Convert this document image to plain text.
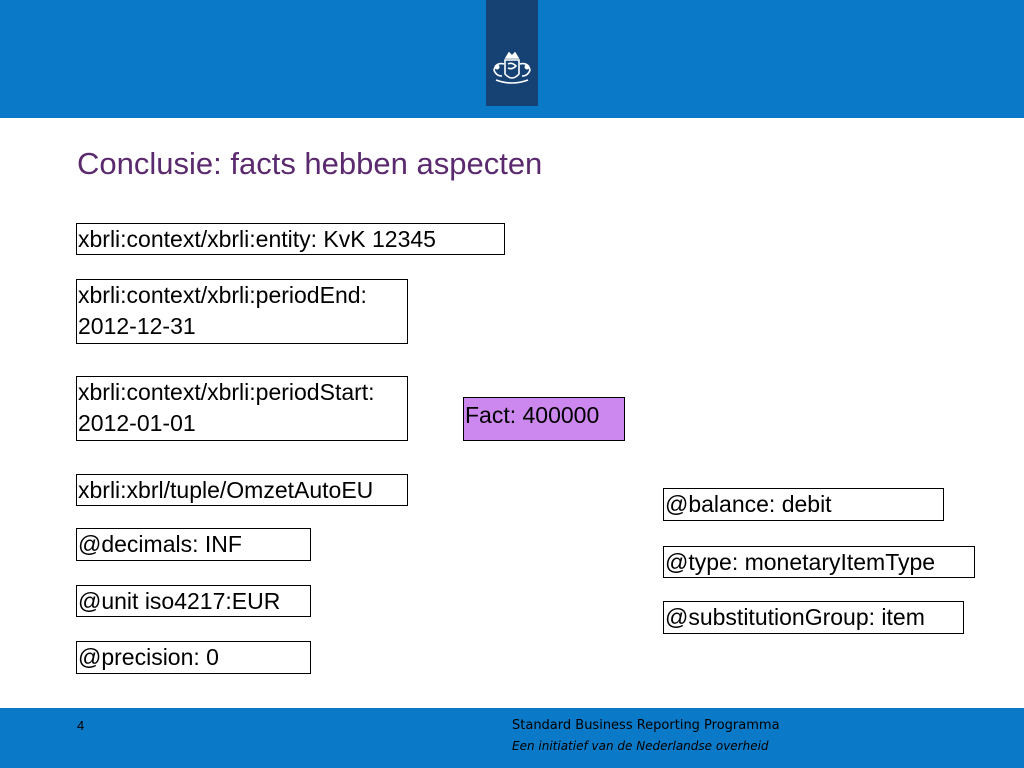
Conclusie: facts hebben aspecten
xbrli:context/xbrli:entity: KvK 12345
xbrli:context/xbrli:periodEnd:
2012-12-31
xbrli:context/xbrli:periodStart:
2012-01-01	Fact: 400000
xbrli:xbrl/tuple/OmzetAutoEU
@balance: debit
@decimals: INF
@type: monetaryItemType
@unit iso4217:EUR
@substitutionGroup: item
@precision: 0
4	Standard Business Reporting Programma
Een initiatief van de Nederlandse overheid
